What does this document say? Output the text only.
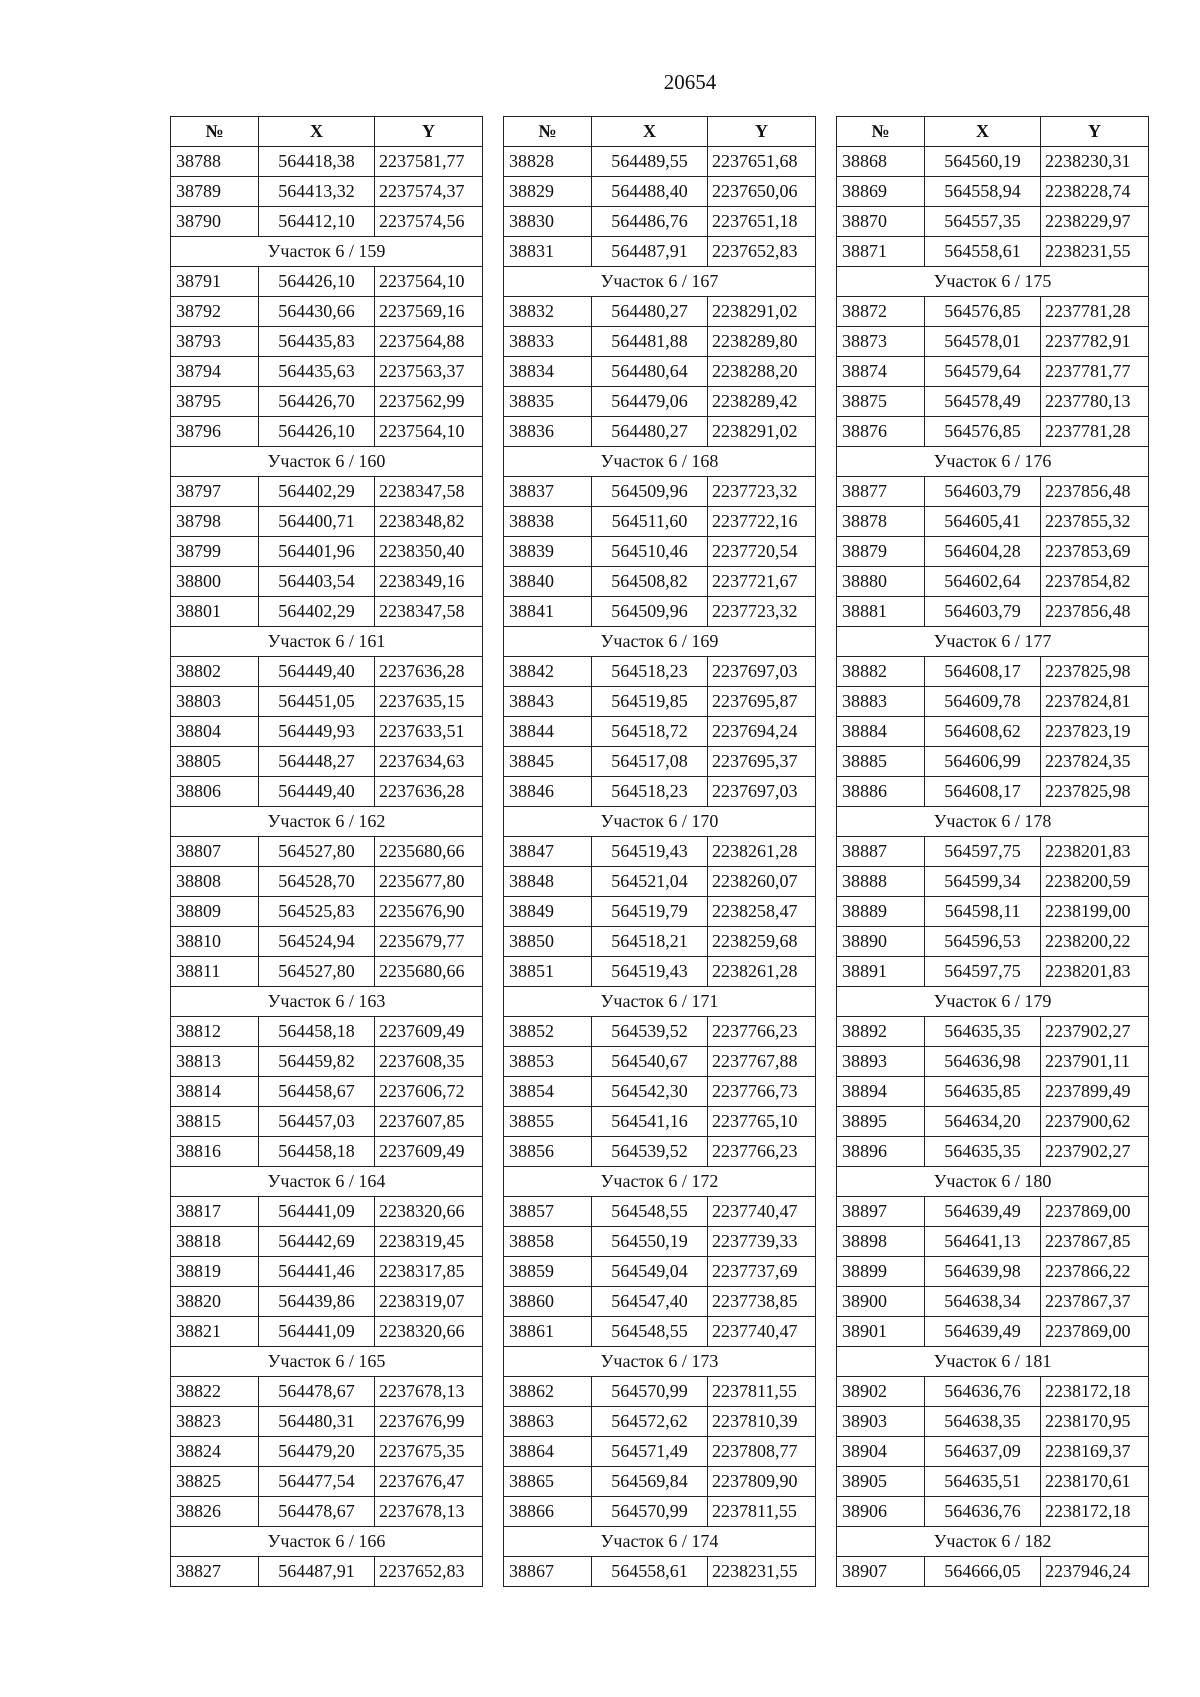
20654
№	X	Y
38788	564418,38	2237581,77
38789	564413,32	2237574,37
38790	564412,10	2237574,56
Участок 6 / 159		
38791	564426,10	2237564,10
38792	564430,66	2237569,16
38793	564435,83	2237564,88
38794	564435,63	2237563,37
38795	564426,70	2237562,99
38796	564426,10	2237564,10
Участок 6 / 160		
38797	564402,29	2238347,58
38798	564400,71	2238348,82
38799	564401,96	2238350,40
38800	564403,54	2238349,16
38801	564402,29	2238347,58
Участок 6 / 161		
38802	564449,40	2237636,28
38803	564451,05	2237635,15
38804	564449,93	2237633,51
38805	564448,27	2237634,63
38806	564449,40	2237636,28
Участок 6 / 162		
38807	564527,80	2235680,66
38808	564528,70	2235677,80
38809	564525,83	2235676,90
38810	564524,94	2235679,77
38811	564527,80	2235680,66
Участок 6 / 163		
38812	564458,18	2237609,49
38813	564459,82	2237608,35
38814	564458,67	2237606,72
38815	564457,03	2237607,85
38816	564458,18	2237609,49
Участок 6 / 164		
38817	564441,09	2238320,66
38818	564442,69	2238319,45
38819	564441,46	2238317,85
38820	564439,86	2238319,07
38821	564441,09	2238320,66
Участок 6 / 165		
38822	564478,67	2237678,13
38823	564480,31	2237676,99
38824	564479,20	2237675,35
38825	564477,54	2237676,47
38826	564478,67	2237678,13
Участок 6 / 166		
38827	564487,91	2237652,83
№	X	Y
38828	564489,55	2237651,68
38829	564488,40	2237650,06
38830	564486,76	2237651,18
38831	564487,91	2237652,83
Участок 6 / 167		
38832	564480,27	2238291,02
38833	564481,88	2238289,80
38834	564480,64	2238288,20
38835	564479,06	2238289,42
38836	564480,27	2238291,02
Участок 6 / 168		
38837	564509,96	2237723,32
38838	564511,60	2237722,16
38839	564510,46	2237720,54
38840	564508,82	2237721,67
38841	564509,96	2237723,32
Участок 6 / 169		
38842	564518,23	2237697,03
38843	564519,85	2237695,87
38844	564518,72	2237694,24
38845	564517,08	2237695,37
38846	564518,23	2237697,03
Участок 6 / 170		
38847	564519,43	2238261,28
38848	564521,04	2238260,07
38849	564519,79	2238258,47
38850	564518,21	2238259,68
38851	564519,43	2238261,28
Участок 6 / 171		
38852	564539,52	2237766,23
38853	564540,67	2237767,88
38854	564542,30	2237766,73
38855	564541,16	2237765,10
38856	564539,52	2237766,23
Участок 6 / 172		
38857	564548,55	2237740,47
38858	564550,19	2237739,33
38859	564549,04	2237737,69
38860	564547,40	2237738,85
38861	564548,55	2237740,47
Участок 6 / 173		
38862	564570,99	2237811,55
38863	564572,62	2237810,39
38864	564571,49	2237808,77
38865	564569,84	2237809,90
38866	564570,99	2237811,55
Участок 6 / 174		
38867	564558,61	2238231,55
№	X	Y
38868	564560,19	2238230,31
38869	564558,94	2238228,74
38870	564557,35	2238229,97
38871	564558,61	2238231,55
Участок 6 / 175		
38872	564576,85	2237781,28
38873	564578,01	2237782,91
38874	564579,64	2237781,77
38875	564578,49	2237780,13
38876	564576,85	2237781,28
Участок 6 / 176		
38877	564603,79	2237856,48
38878	564605,41	2237855,32
38879	564604,28	2237853,69
38880	564602,64	2237854,82
38881	564603,79	2237856,48
Участок 6 / 177		
38882	564608,17	2237825,98
38883	564609,78	2237824,81
38884	564608,62	2237823,19
38885	564606,99	2237824,35
38886	564608,17	2237825,98
Участок 6 / 178		
38887	564597,75	2238201,83
38888	564599,34	2238200,59
38889	564598,11	2238199,00
38890	564596,53	2238200,22
38891	564597,75	2238201,83
Участок 6 / 179		
38892	564635,35	2237902,27
38893	564636,98	2237901,11
38894	564635,85	2237899,49
38895	564634,20	2237900,62
38896	564635,35	2237902,27
Участок 6 / 180		
38897	564639,49	2237869,00
38898	564641,13	2237867,85
38899	564639,98	2237866,22
38900	564638,34	2237867,37
38901	564639,49	2237869,00
Участок 6 / 181		
38902	564636,76	2238172,18
38903	564638,35	2238170,95
38904	564637,09	2238169,37
38905	564635,51	2238170,61
38906	564636,76	2238172,18
Участок 6 / 182		
38907	564666,05	2237946,24
